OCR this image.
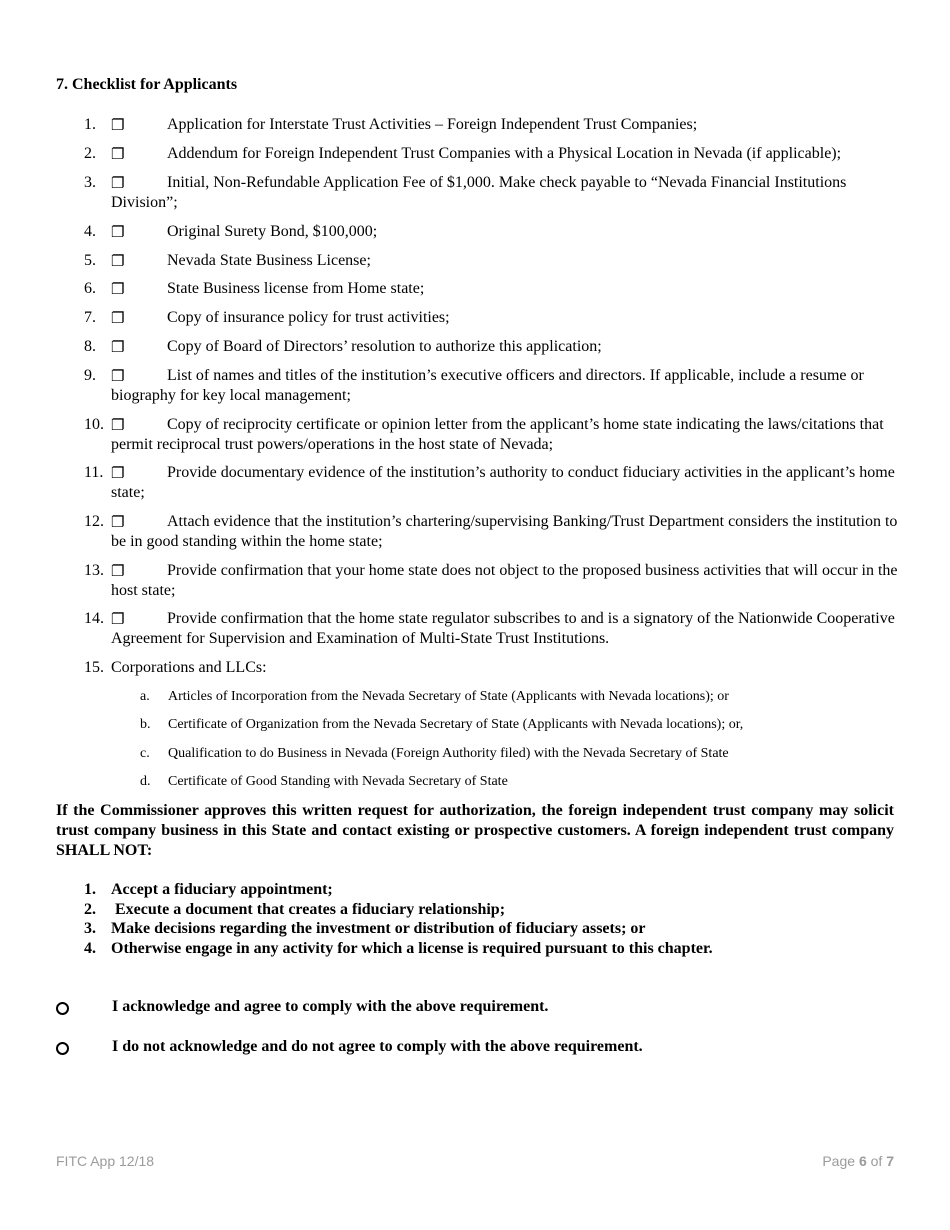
7. Checklist for Applicants
1. ❐	Application for Interstate Trust Activities – Foreign Independent Trust Companies;
2. ❐	Addendum for Foreign Independent Trust Companies with a Physical Location in Nevada (if applicable);
3. ❐	Initial, Non-Refundable Application Fee of $1,000. Make check payable to “Nevada Financial Institutions Division”;
4. ❐	Original Surety Bond, $100,000;
5. ❐	Nevada State Business License;
6. ❐	State Business license from Home state;
7. ❐	Copy of insurance policy for trust activities;
8. ❐	Copy of Board of Directors’ resolution to authorize this application;
9. ❐	List of names and titles of the institution’s executive officers and directors. If applicable, include a resume or biography for key local management;
10. ❐	Copy of reciprocity certificate or opinion letter from the applicant’s home state indicating the laws/citations that permit reciprocal trust powers/operations in the host state of Nevada;
11. ❐	Provide documentary evidence of the institution’s authority to conduct fiduciary activities in the applicant’s home state;
12. ❐	Attach evidence that the institution’s chartering/supervising Banking/Trust Department considers the institution to be in good standing within the home state;
13. ❐	Provide confirmation that your home state does not object to the proposed business activities that will occur in the host state;
14. ❐	Provide confirmation that the home state regulator subscribes to and is a signatory of the Nationwide Cooperative Agreement for Supervision and Examination of Multi-State Trust Institutions.
15. Corporations and LLCs:
a. Articles of Incorporation from the Nevada Secretary of State (Applicants with Nevada locations); or
b. Certificate of Organization from the Nevada Secretary of State (Applicants with Nevada locations); or,
c. Qualification to do Business in Nevada (Foreign Authority filed) with the Nevada Secretary of State
d. Certificate of Good Standing with Nevada Secretary of State
If the Commissioner approves this written request for authorization, the foreign independent trust company may solicit trust company business in this State and contact existing or prospective customers. A foreign independent trust company SHALL NOT:
1. Accept a fiduciary appointment;
2. Execute a document that creates a fiduciary relationship;
3. Make decisions regarding the investment or distribution of fiduciary assets; or
4. Otherwise engage in any activity for which a license is required pursuant to this chapter.
I acknowledge and agree to comply with the above requirement.
I do not acknowledge and do not agree to comply with the above requirement.
FITC App 12/18	Page 6 of 7
